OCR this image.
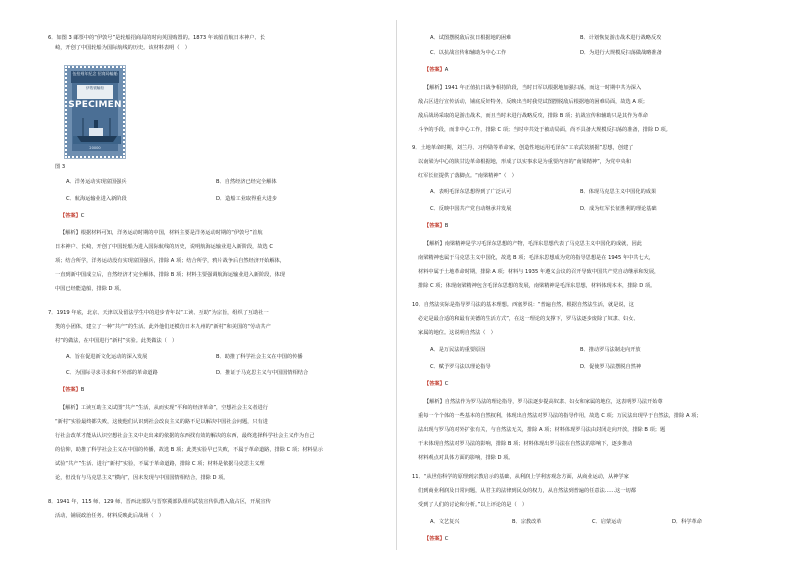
6．如图 3 邮票中的“伊敦号”是轮船招商局的时向英国购置的。1873 年该船首航日本神户、长
崎，开创了中国轮船为国际航线的历史。该材料表明（　）
伍拾週年紀念 招商局輪船
伊敦號輪船
SPECIMEN
20000
图 3
A．洋务运动实现富国强兵	B．自然经济已经完全解体
C．航海运输业进入新阶段	D．造船工业取得重大进步
【答案】C
【解析】根据材料可知，洋务运动时期的中国，材料主要是洋务运动时期的“伊敦号”首航
日本神户、长崎，开创了中国轮船为进入国际航线的历史，说明航海运输业进入新阶段，故选 C
项；结合所学，洋务运动没有实现富国强兵，排除 A 项；结合所学，鸦片战争后自然经济开始解体，
一直到新中国成立后，自然经济才完全解体，排除 B 项；材料主要强调航海运输业进入新阶段，体现
中国已经能造船，排除 D 项。
7．1919 年底，北京、天津以及留法学生中的进步青年以“工读、互助”为宗旨，组织了互助社一
类的小团体，建立了一种“共产”的生活。此外他们还模仿日本九州的“新村”和美国的“劳动共产
村”的做法，在中国进行“新村”实验。此类做法（　）
A．旨在促进新文化运动的深入发展	B．助推了科学社会主义在中国的传播
C．为国际寻求寻求和不外部的革命道路	D．推证于马克思主义与中国国情相结合
【答案】B
【解析】工读互助主义试图“共产”生活，从而实现“平和的经济革命”，空想社会主义者进行
“新村”实验最终都失败，这使他们认识到社会改良主义的路不足以解决中国社会问题，只有进
行社会改革才能从认识空想社会主义中走出来的依据的东西找有效的解决的东西，最终选择科学社会主义作为自己
的信仰，助推了科学社会主义在中国的传播，故选 B 项；此类实验早已失败，不属于革命道路，排除 C 项；材料显示
试验“共产”生活、进行“新村”实验，不属于革命道路，排除 C 项；材料是依据马克思主义理
论，但没有与马克思主义“横向”，因未发现与中国国情相结合，排除 D 项。
8．1941 年，115 师、129 师、晋西北部队与晋察冀部队组织武装宣传队潜入敌占区，开展宣传
活动，铺展政治任务。材料反映此后战场（　）
A．试图摆脱敌后抗日根据地的困难	B．计划恢复游击战术进行战略反攻
C．以抗战宣传和辅助为中心工作	D．为进行大规模反扫荡做战略准备
【答案】A
【解析】1941 年正值抗日战争相持阶段，当时日军以根据地加强扫荡，而这一时期中共为深入
敌占区进行宣传活动，铺底反奸特务，反映出当时我党试图摆脱敌后根据地的困难局面，故选 A 项；
敌后战场采取的是游击战术，而且当时未进行战略反攻，排除 B 项；抗战宣传和辅助只是其作为革命
斗争的手段，而非中心工作，排除 C 项；当时中共处于被动局面，尚不具备大规模反扫荡的准备，排除 D 项。
9．土地革命时期，刘兰丹、习仲勋等革命家，创造性地运用毛泽东“工农武装割据”思想，创建了
以南梁为中心的陕甘边革命根据地，形成了以实事求是为重要内容的“南梁精神”，为党中央和
红军长征提供了落脚点。“南梁精神”（　）
A．表明毛泽东思想得到了广泛认可	B．体现马克思主义中国化的成果
C．反映中国共产党自动继承并发展	D．成为红军长征胜利的理论基础
【答案】B
【解析】南梁精神是学习毛泽东思想的产物，毛泽东思想代表了马克思主义中国化的成就，因此
南梁精神也属于马克思主义中国化，故选 B 项；毛泽东思想成为党的指导思想是在 1945 年中共七大，
材料中属于土地革命时期，排除 A 项；材料与 1935 年遵义会议的召开导致中国共产党自动继承和发展，
排除 C 项；体现南梁精神包含毛泽东思想的发展，南梁精神是毛泽东思想，材料体现本本，排除 D 项。
10．自然法实际是指导罗马法的基本理想。西塞罗说：“普遍自然，根据自然法生活，就是说，这
必定是最合适的和最有美德的生活方式”，在这一理论的支撑下，罗马法逐步废除了奴隶、妇女、
家属的地位。这说明自然法（　）
A．是万民法的重要原因	B．推动罗马法制走向开放
C．赋予罗马法以理论指导	D．促使罗马法摆脱自然神
【答案】C
【解析】自然法作为罗马法的理论指导，罗马法逐步提高奴隶、妇女和家属的地位，这表明罗马法开始尊
重每一个个体的一些基本的自然权利，体现出自然法对罗马法的指导作用，故选 C 项；万民法出现早于自然法，排除 A 项；
法出现与罗马的对外扩张有关，与自然法无关，排除 A 项；材料体现罗马法由封闭走向开放，排除 B 项；题
干未体现自然法对罗马法的影响，排除 B 项；材料体现出罗马法在自然法的影响下，逐步推动
材料观点对具体方面的影响，排除 D 项。
11．“从世俗科学的原理到宗教启示的基础，从利润上学利害观念方面，从商业运动，从神学家
们到商业利润及日常问题，从君主的法律到民众的权力，从自然法到普遍的任意法……这一切都
受到了人们的讨论和分析。”以上评论的是（　）
A．文艺复兴	B．宗教改革	C．启蒙运动	D．科学革命
【答案】C
